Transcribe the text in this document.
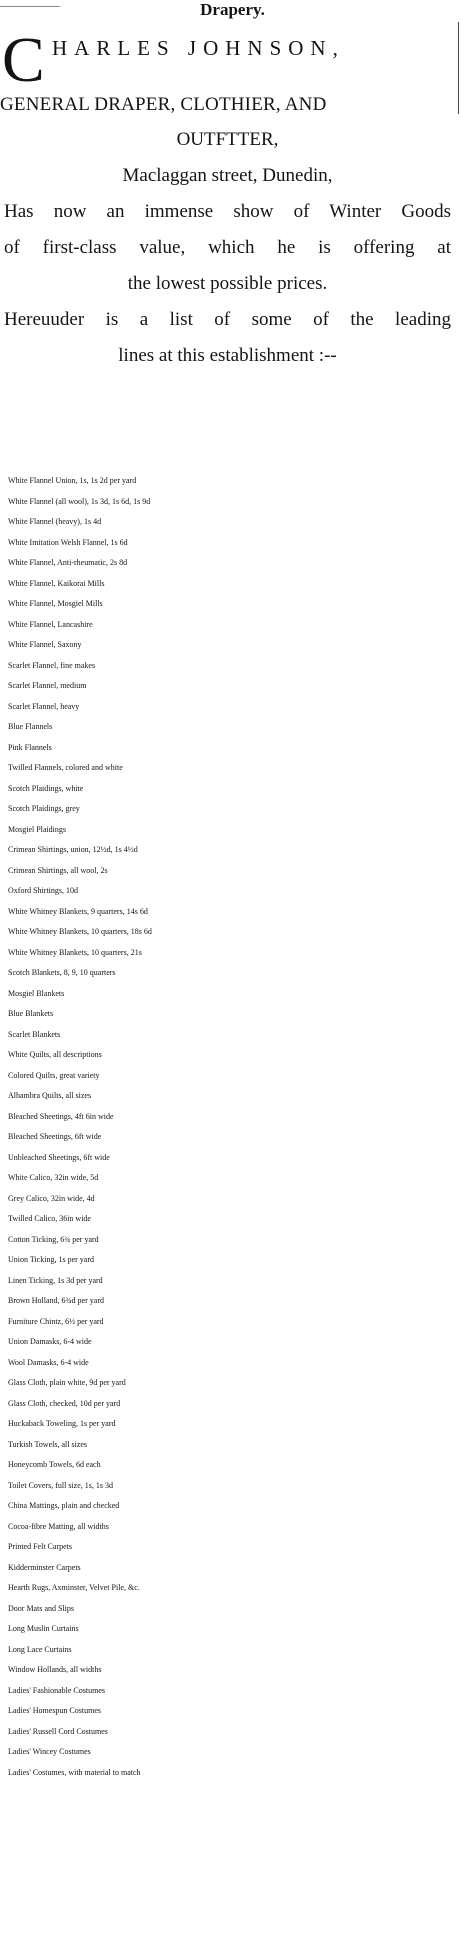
Drapery.
C HARLES JOHNSON,
GENERAL DRAPER, CLOTHIER, AND
OUTFTTER,
Maclaggan street, Dunedin,
Has now an immense show of Winter Goods
of first-class value, which he is offering at
the lowest possible prices.
Hereuuder is a list of some of the leading
lines at this establishment :--
White Flannel Union, 1s, 1s 2d per yard
White Flannel (all wool), 1s 3d, 1s 6d, 1s 9d
White Flannel (heavy), 1s 4d
White Imitation Welsh Flannel, 1s 6d
White Flannel, Anti-rheumatic, 2s 8d
White Flannel, Kaikorai Mills
White Flannel, Mosgiel Mills
White Flannel, Lancashire
White Flannel, Saxony
Scarlet Flannel, fine makes
Scarlet Flannel, medium
Scarlet Flannel, heavy
Blue Flannels
Pink Flannels
Twilled Flannels, colored and white
Scotch Plaidings, white
Scotch Plaidings, grey
Mosgiel Plaidings
Crimean Shirtings, union, 12½d, 1s 4½d
Crimean Shirtings, all wool, 2s
Oxford Shirtings, 10d
White Whitney Blankets, 9 quarters, 14s 6d
White Whitney Blankets, 10 quarters, 18s 6d
White Whitney Blankets, 10 quarters, 21s
Scotch Blankets, 8, 9, 10 quarters
Mosgiel Blankets
Blue Blankets
Scarlet Blankets
White Quilts, all descriptions
Colored Quilts, great variety
Alhambra Quilts, all sizes
Bleached Sheetings, 4ft 6in wide
Bleached Sheetings, 6ft wide
Unbleached Sheetings, 6ft wide
White Calico, 32in wide, 5d
Grey Calico, 32in wide, 4d
Twilled Calico, 36in wide
Cotton Ticking, 6¾ per yard
Union Ticking, 1s per yard
Linen Ticking, 1s 3d per yard
Brown Holland, 6¾d per yard
Furniture Chintz, 6½ per yard
Union Damasks, 6-4 wide
Wool Damasks, 6-4 wide
Glass Cloth, plain white, 9d per yard
Glass Cloth, checked, 10d per yard
Huckaback Toweling, 1s per yard
Turkish Towels, all sizes
Honeycomb Towels, 6d each
Toilet Covers, full size, 1s, 1s 3d
China Mattings, plain and checked
Cocoa-fibre Matting, all widths
Printed Felt Carpets
Kidderminster Carpets
Hearth Rugs, Axminster, Velvet Pile, &c.
Door Mats and Slips
Long Muslin Curtains
Long Lace Curtains
Window Hollands, all widths
Ladies' Fashionable Costumes
Ladies' Homespun Costumes
Ladies' Russell Cord Costumes
Ladies' Wincey Costumes
Ladies' Costumes, with material to match
